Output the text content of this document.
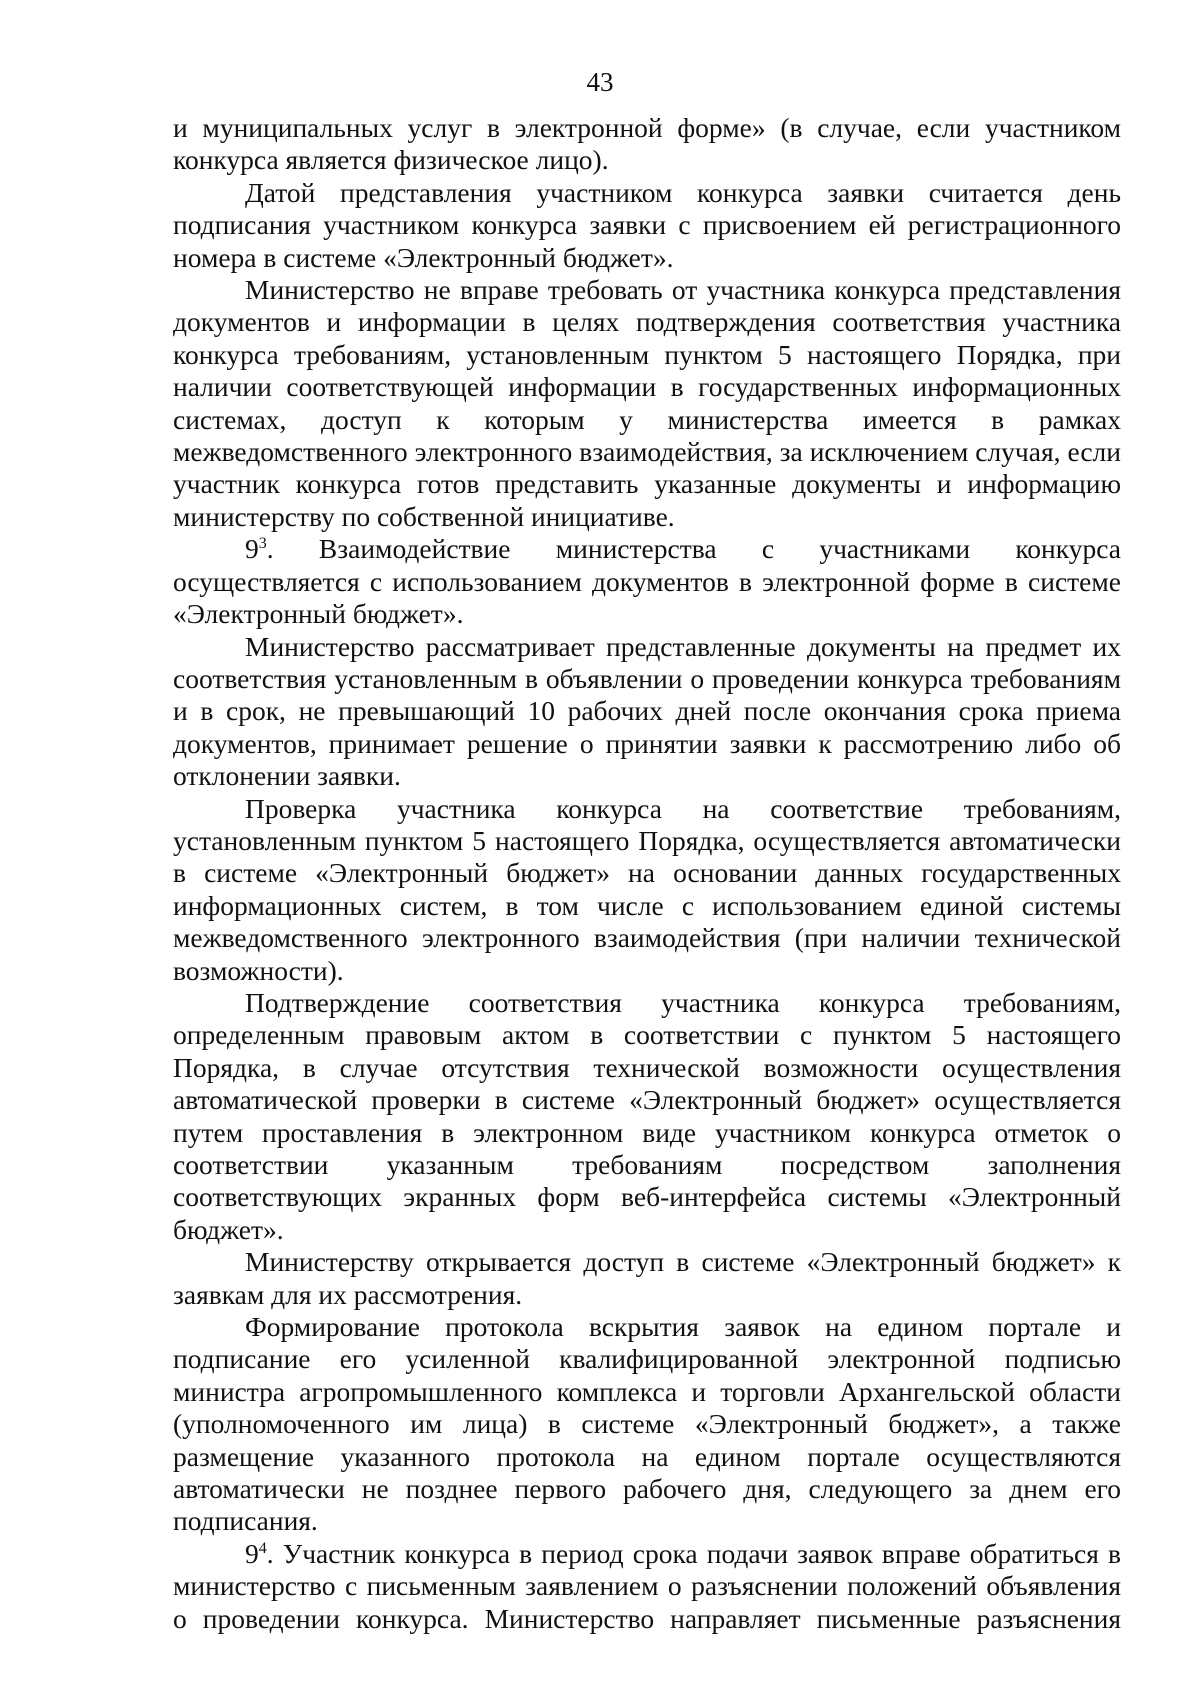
43

и муниципальных услуг в электронной форме» (в случае, если участником конкурса является физическое лицо).

Датой представления участником конкурса заявки считается день подписания участником конкурса заявки с присвоением ей регистрационного номера в системе «Электронный бюджет».

Министерство не вправе требовать от участника конкурса представления документов и информации в целях подтверждения соответствия участника конкурса требованиям, установленным пунктом 5 настоящего Порядка, при наличии соответствующей информации в государственных информационных системах, доступ к которым у министерства имеется в рамках межведомственного электронного взаимодействия, за исключением случая, если участник конкурса готов представить указанные документы и информацию министерству по собственной инициативе.

$9^3$. Взаимодействие министерства с участниками конкурса осуществляется с использованием документов в электронной форме в системе «Электронный бюджет».

Министерство рассматривает представленные документы на предмет их соответствия установленным в объявлении о проведении конкурса требованиям и в срок, не превышающий 10 рабочих дней после окончания срока приема документов, принимает решение о принятии заявки к рассмотрению либо об отклонении заявки.

Проверка участника конкурса на соответствие требованиям, установленным пунктом 5 настоящего Порядка, осуществляется автоматически в системе «Электронный бюджет» на основании данных государственных информационных систем, в том числе с использованием единой системы межведомственного электронного взаимодействия (при наличии технической возможности).

Подтверждение соответствия участника конкурса требованиям, определенным правовым актом в соответствии с пунктом 5 настоящего Порядка, в случае отсутствия технической возможности осуществления автоматической проверки в системе «Электронный бюджет» осуществляется путем проставления в электронном виде участником конкурса отметок о соответствии указанным требованиям посредством заполнения соответствующих экранных форм веб-интерфейса системы «Электронный бюджет».

Министерству открывается доступ в системе «Электронный бюджет» к заявкам для их рассмотрения.

Формирование протокола вскрытия заявок на едином портале и подписание его усиленной квалифицированной электронной подписью министра агропромышленного комплекса и торговли Архангельской области (уполномоченного им лица) в системе «Электронный бюджет», а также размещение указанного протокола на едином портале осуществляются автоматически не позднее первого рабочего дня, следующего за днем его подписания.

$9^4$. Участник конкурса в период срока подачи заявок вправе обратиться в министерство с письменным заявлением о разъяснении положений объявления о проведении конкурса. Министерство направляет письменные разъяснения
